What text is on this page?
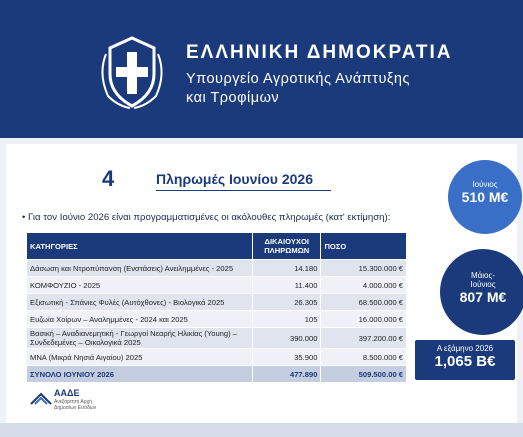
ΕΛΛΗΝΙΚΗ ΔΗΜΟΚΡΑΤΙΑ
Υπουργείο Αγροτικής Ανάπτυξης
και Τροφίμων
4	Πληρωμές Ιουνίου 2026
• Για τον Ιούνιο 2026 είναι προγραμματισμένες οι ακόλουθες πληρωμές (κατ' εκτίμηση):
ΚΑΤΗΓΟΡΙΕΣ	ΔΙΚΑΙΟΥΧΟΙ ΠΛΗΡΩΜΩΝ	ΠΟΣΟ
Δάσωση και Ντροπύπανση (Ενστάσεις) Ανειλημμένες - 2025	14.180	15.300.000 €
ΚΟΜΦΟΥΖΙΟ - 2025	11.400	4.000.000 €
Εξισωτική - Σπάνιες Φυλές (Αυτόχθονες) - Βιολογικά 2025	26.305	68.500.000 €
Ευζωία Χοίρων – Αναλημμένες - 2024 και 2025	105	16.000.000 €
Βασική – Αναδιανεμητική - Γεωργοί Νεαρής Ηλικίας (Young) – Συνδεδεμένες – Οικολογικά 2025	390.000	397.200.00 €
ΜΝΑ (Μικρά Νησιά Αιγαίου) 2025	35.900	8.500.000 €
ΣΥΝΟΛΟ ΙΟΥΝΙΟΥ 2026	477.890	509.500.00 €
Ιούνιος
510 Μ€
Μάιος-
Ιούνιος
807 Μ€
Α εξάμηνο 2026
1,065 Β€
ΑΑΔΕ
Ανεξάρτητη Αρχή Δημοσίων Εσόδων
